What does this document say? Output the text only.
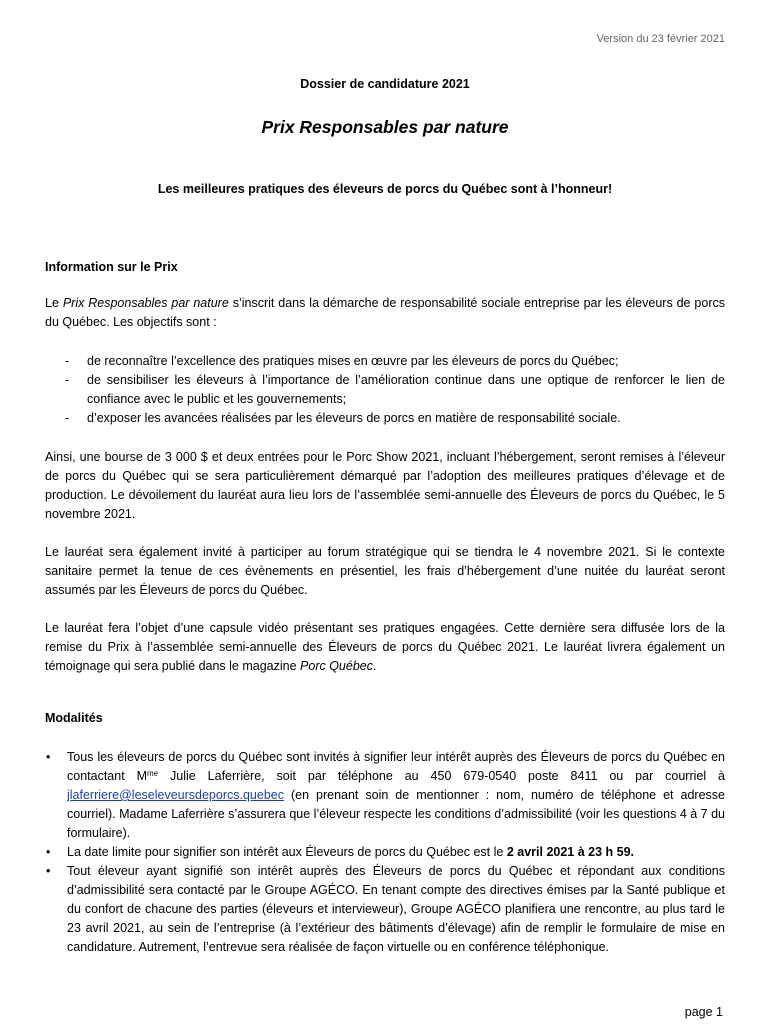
Version du 23 février 2021
Dossier de candidature 2021
Prix Responsables par nature
Les meilleures pratiques des éleveurs de porcs du Québec sont à l’honneur!
Information sur le Prix

Le Prix Responsables par nature s’inscrit dans la démarche de responsabilité sociale entreprise par les éleveurs de porcs du Québec. Les objectifs sont :

- de reconnaître l’excellence des pratiques mises en œuvre par les éleveurs de porcs du Québec;
- de sensibiliser les éleveurs à l’importance de l’amélioration continue dans une optique de renforcer le lien de confiance avec le public et les gouvernements;
- d’exposer les avancées réalisées par les éleveurs de porcs en matière de responsabilité sociale.

Ainsi, une bourse de 3 000 $ et deux entrées pour le Porc Show 2021, incluant l’hébergement, seront remises à l’éleveur de porcs du Québec qui se sera particulièrement démarqué par l’adoption des meilleures pratiques d’élevage et de production. Le dévoilement du lauréat aura lieu lors de l’assemblée semi-annuelle des Éleveurs de porcs du Québec, le 5 novembre 2021.

Le lauréat sera également invité à participer au forum stratégique qui se tiendra le 4 novembre 2021. Si le contexte sanitaire permet la tenue de ces évènements en présentiel, les frais d’hébergement d’une nuitée du lauréat seront assumés par les Éleveurs de porcs du Québec.

Le lauréat fera l’objet d’une capsule vidéo présentant ses pratiques engagées. Cette dernière sera diffusée lors de la remise du Prix à l’assemblée semi-annuelle des Éleveurs de porcs du Québec 2021. Le lauréat livrera également un témoignage qui sera publié dans le magazine Porc Québec.

Modalités
• Tous les éleveurs de porcs du Québec sont invités à signifier leur intérêt auprès des Éleveurs de porcs du Québec en contactant $M^{me}$ Julie Laferrière, soit par téléphone au 450 679-0540 poste 8411 ou par courriel à jlaferriere@leseleveursdeporcs.quebec (en prenant soin de mentionner : nom, numéro de téléphone et adresse courriel). Madame Laferrière s’assurera que l’éleveur respecte les conditions d’admissibilité (voir les questions 4 à 7 du formulaire).
• La date limite pour signifier son intérêt aux Éleveurs de porcs du Québec est le 2 avril 2021 à 23 h 59.
• Tout éleveur ayant signifié son intérêt auprès des Éleveurs de porcs du Québec et répondant aux conditions d’admissibilité sera contacté par le Groupe AGÉCO. En tenant compte des directives émises par la Santé publique et du confort de chacune des parties (éleveurs et intervieweur), Groupe AGÉCO planifiera une rencontre, au plus tard le 23 avril 2021, au sein de l’entreprise (à l’extérieur des bâtiments d’élevage) afin de remplir le formulaire de mise en candidature. Autrement, l’entrevue sera réalisée de façon virtuelle ou en conférence téléphonique.
page 1
